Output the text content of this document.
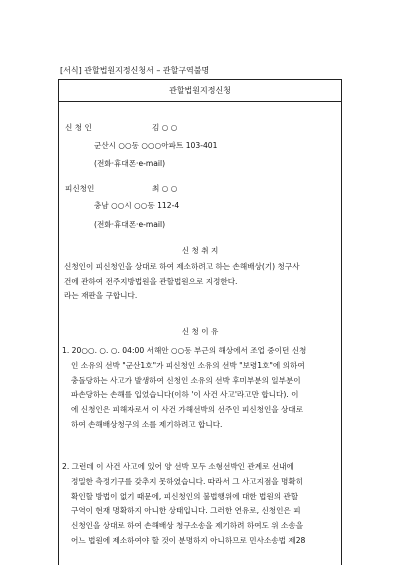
[서식] 관할법원지정신청서 – 관할구역불명
관할법원지정신청
신 청 인	김 ○ ○
군산시 ○○동 ○○○아파트 103-401
(전화·휴대폰·e-mail)
피신청인	최 ○ ○
충남 ○○시 ○○동 112-4
(전화·휴대폰·e-mail)
신 청 취 지
신청인이 피신청인을 상대로 하여 제소하려고 하는 손해배상(기) 청구사
건에 관하여 전주지방법원을 관할법원으로 지정한다.
라는 재판을 구합니다.
신 청 이 유
1. 20○○. ○. ○. 04:00 서해안 ○○동 부근의 해상에서 조업 중이던 신청
인 소유의 선박 "군산1호"가 피신청인 소유의 선박 "보령1호"에 의하여
충돌당하는 사고가 발생하여 신청인 소유의 선박 후미부분의 일부분이
파손당하는 손해를 입었습니다(이하 '이 사건 사고'라고만 합니다). 이
에 신청인은 피해자로서 이 사건 가해선박의 선주인 피신청인을 상대로
하여 손해배상청구의 소를 제기하려고 합니다.
2. 그런데 이 사건 사고에 있어 양 선박 모두 소형선박인 관계로 선내에
정밀한 측정기구를 갖추지 못하였습니다. 따라서 그 사고지점을 명확히
확인할 방법이 없기 때문에, 피신청인의 불법행위에 대한 법원의 관할
구역이 현재 명확하지 아니한 상태입니다. 그러한 연유로, 신청인은 피
신청인을 상대로 하여 손해배상 청구소송을 제기하려 하여도 위 소송을
어느 법원에 제소하여야 할 것이 분명하지 아니하므로 민사소송법 제28
